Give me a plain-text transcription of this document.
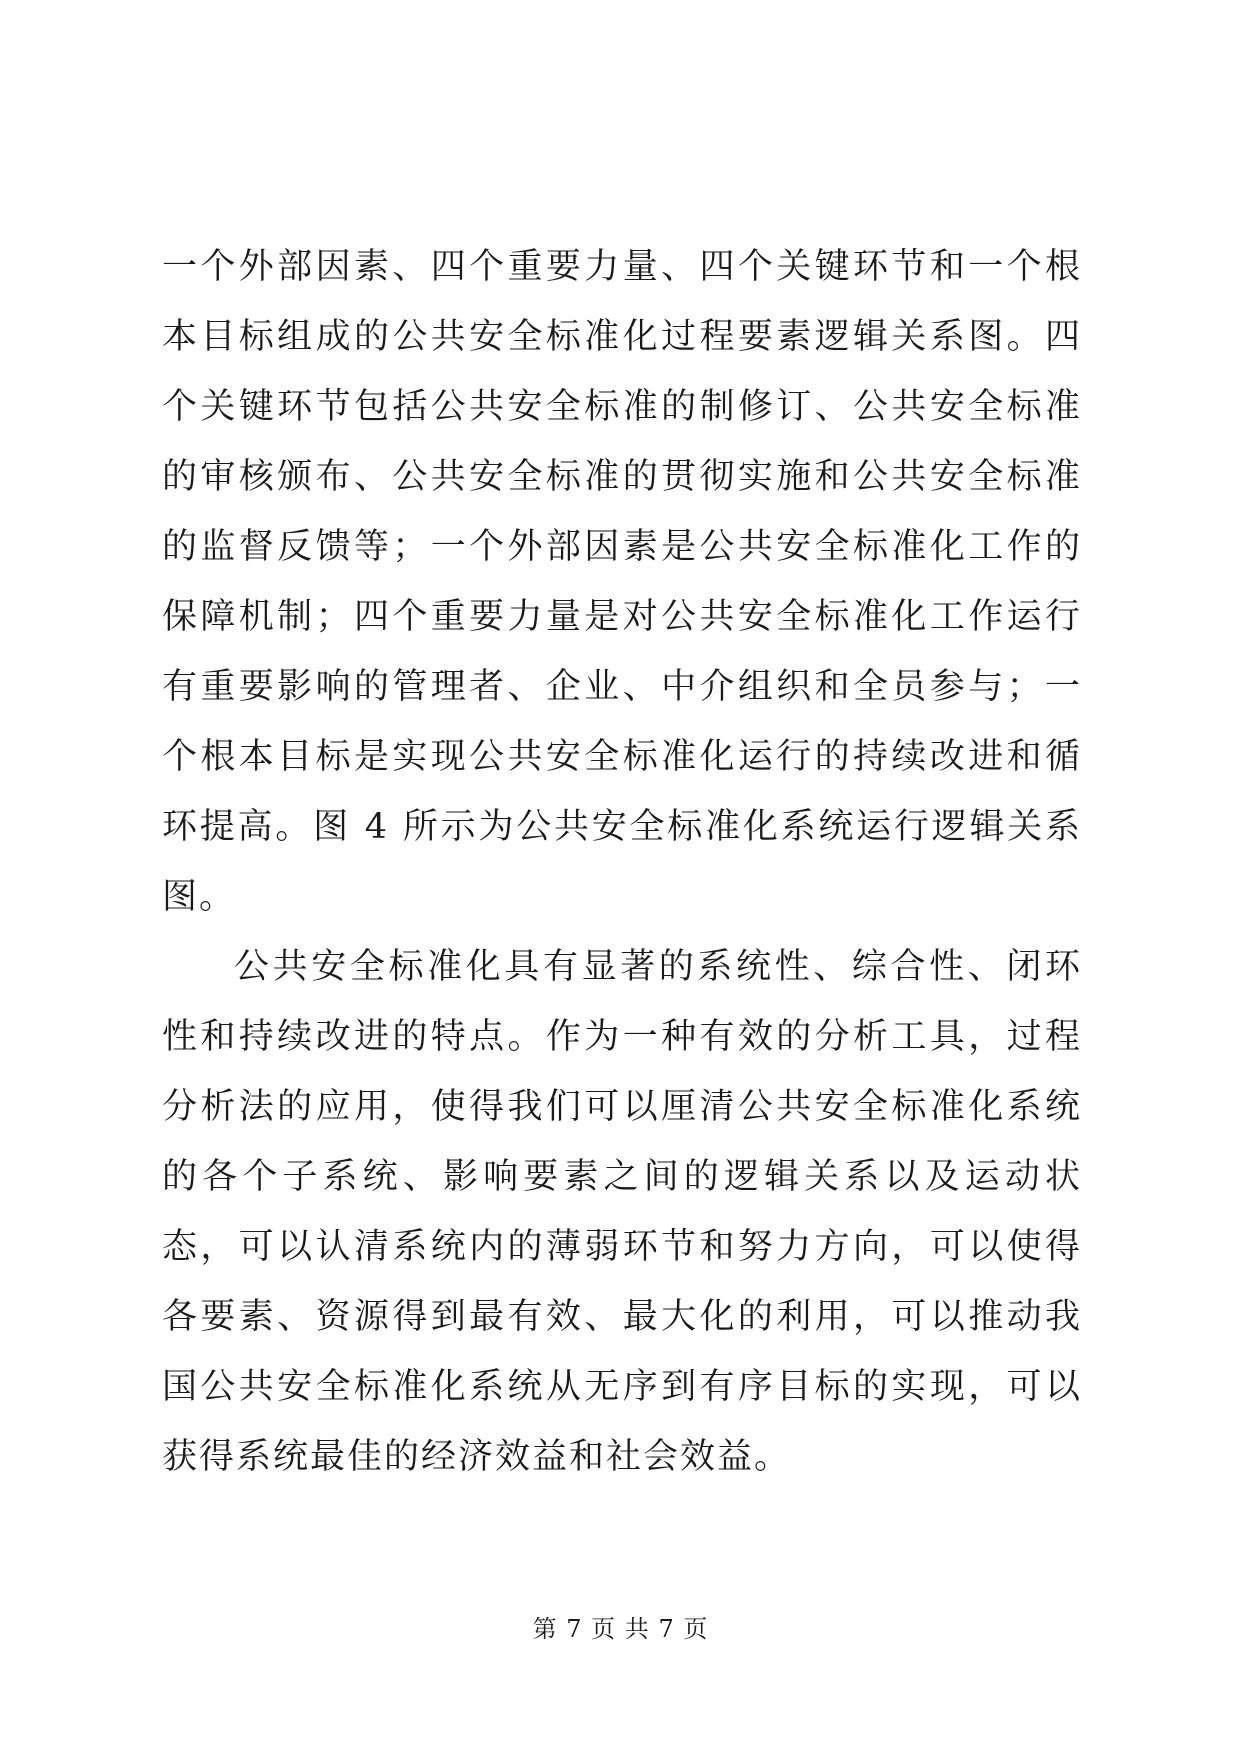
一个外部因素、四个重要力量、四个关键环节和一个根本目标组成的公共安全标准化过程要素逻辑关系图。四个关键环节包括公共安全标准的制修订、公共安全标准的审核颁布、公共安全标准的贯彻实施和公共安全标准的监督反馈等；一个外部因素是公共安全标准化工作的保障机制；四个重要力量是对公共安全标准化工作运行有重要影响的管理者、企业、中介组织和全员参与；一个根本目标是实现公共安全标准化运行的持续改进和循环提高。图 4 所示为公共安全标准化系统运行逻辑关系图。

公共安全标准化具有显著的系统性、综合性、闭环性和持续改进的特点。作为一种有效的分析工具，过程分析法的应用，使得我们可以厘清公共安全标准化系统的各个子系统、影响要素之间的逻辑关系以及运动状态，可以认清系统内的薄弱环节和努力方向，可以使得各要素、资源得到最有效、最大化的利用，可以推动我国公共安全标准化系统从无序到有序目标的实现，可以获得系统最佳的经济效益和社会效益。

第 7 页 共 7 页
